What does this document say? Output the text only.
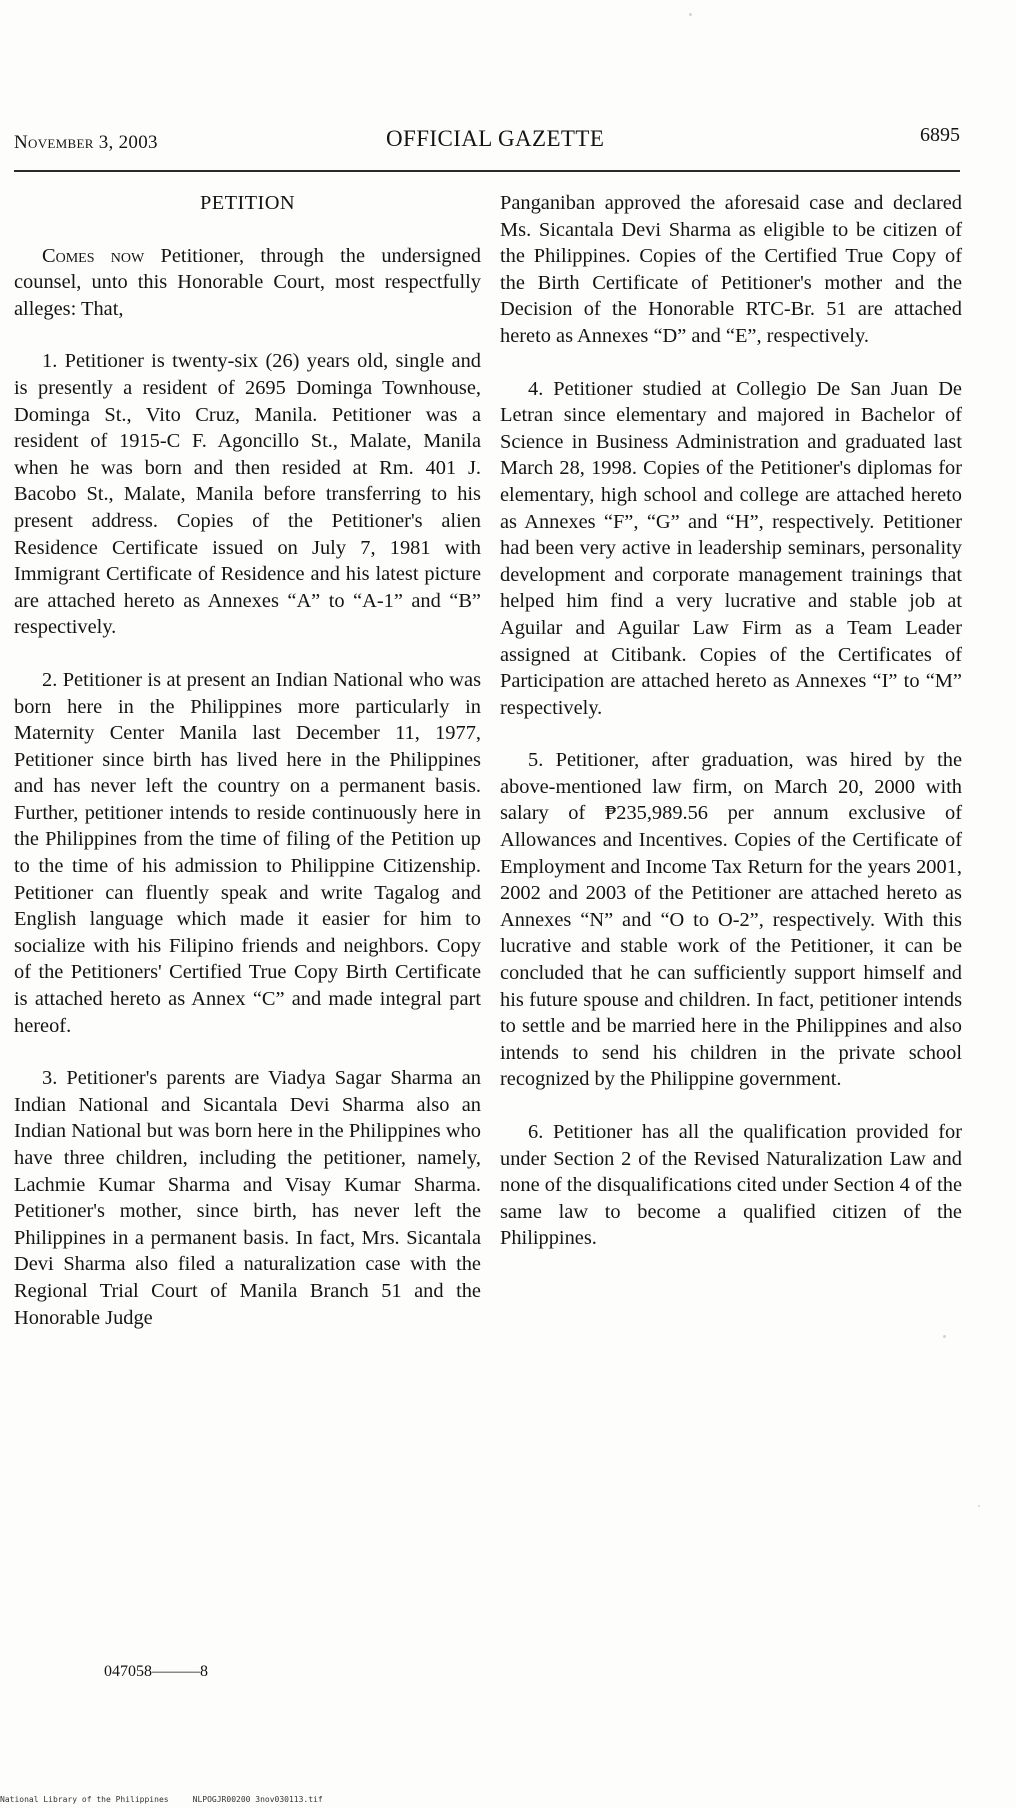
November 3, 2003	OFFICIAL GAZETTE	6895

PETITION

Comes now Petitioner, through the undersigned counsel, unto this Honorable Court, most respectfully alleges: That,

1. Petitioner is twenty-six (26) years old, single and is presently a resident of 2695 Dominga Townhouse, Dominga St., Vito Cruz, Manila. Petitioner was a resident of 1915-C F. Agoncillo St., Malate, Manila when he was born and then resided at Rm. 401 J. Bacobo St., Malate, Manila before transferring to his present address. Copies of the Petitioner's alien Residence Certificate issued on July 7, 1981 with Immigrant Certificate of Residence and his latest picture are attached hereto as Annexes “A” to “A-1” and “B” respectively.

2. Petitioner is at present an Indian National who was born here in the Philippines more particularly in Maternity Center Manila last December 11, 1977, Petitioner since birth has lived here in the Philippines and has never left the country on a permanent basis. Further, petitioner intends to reside continuously here in the Philippines from the time of filing of the Petition up to the time of his admission to Philippine Citizenship. Petitioner can fluently speak and write Tagalog and English language which made it easier for him to socialize with his Filipino friends and neighbors. Copy of the Petitioners' Certified True Copy Birth Certificate is attached hereto as Annex “C” and made integral part hereof.

3. Petitioner's parents are Viadya Sagar Sharma an Indian National and Sicantala Devi Sharma also an Indian National but was born here in the Philippines who have three children, including the petitioner, namely, Lachmie Kumar Sharma and Visay Kumar Sharma. Petitioner's mother, since birth, has never left the Philippines in a permanent basis. In fact, Mrs. Sicantala Devi Sharma also filed a naturalization case with the Regional Trial Court of Manila Branch 51 and the Honorable Judge

Panganiban approved the aforesaid case and declared Ms. Sicantala Devi Sharma as eligible to be citizen of the Philippines. Copies of the Certified True Copy of the Birth Certificate of Petitioner's mother and the Decision of the Honorable RTC-Br. 51 are attached hereto as Annexes “D” and “E”, respectively.

4. Petitioner studied at Collegio De San Juan De Letran since elementary and majored in Bachelor of Science in Business Administration and graduated last March 28, 1998. Copies of the Petitioner's diplomas for elementary, high school and college are attached hereto as Annexes “F”, “G” and “H”, respectively. Petitioner had been very active in leadership seminars, personality development and corporate management trainings that helped him find a very lucrative and stable job at Aguilar and Aguilar Law Firm as a Team Leader assigned at Citibank. Copies of the Certificates of Participation are attached hereto as Annexes “I” to “M” respectively.

5. Petitioner, after graduation, was hired by the above-mentioned law firm, on March 20, 2000 with salary of ₱235,989.56 per annum exclusive of Allowances and Incentives. Copies of the Certificate of Employment and Income Tax Return for the years 2001, 2002 and 2003 of the Petitioner are attached hereto as Annexes “N” and “O to O-2”, respectively. With this lucrative and stable work of the Petitioner, it can be concluded that he can sufficiently support himself and his future spouse and children. In fact, petitioner intends to settle and be married here in the Philippines and also intends to send his children in the private school recognized by the Philippine government.

6. Petitioner has all the qualification provided for under Section 2 of the Revised Naturalization Law and none of the disqualifications cited under Section 4 of the same law to become a qualified citizen of the Philippines.

047058———8
National Library of the Philippines     NLPOGJR00200 3nov030113.tif
